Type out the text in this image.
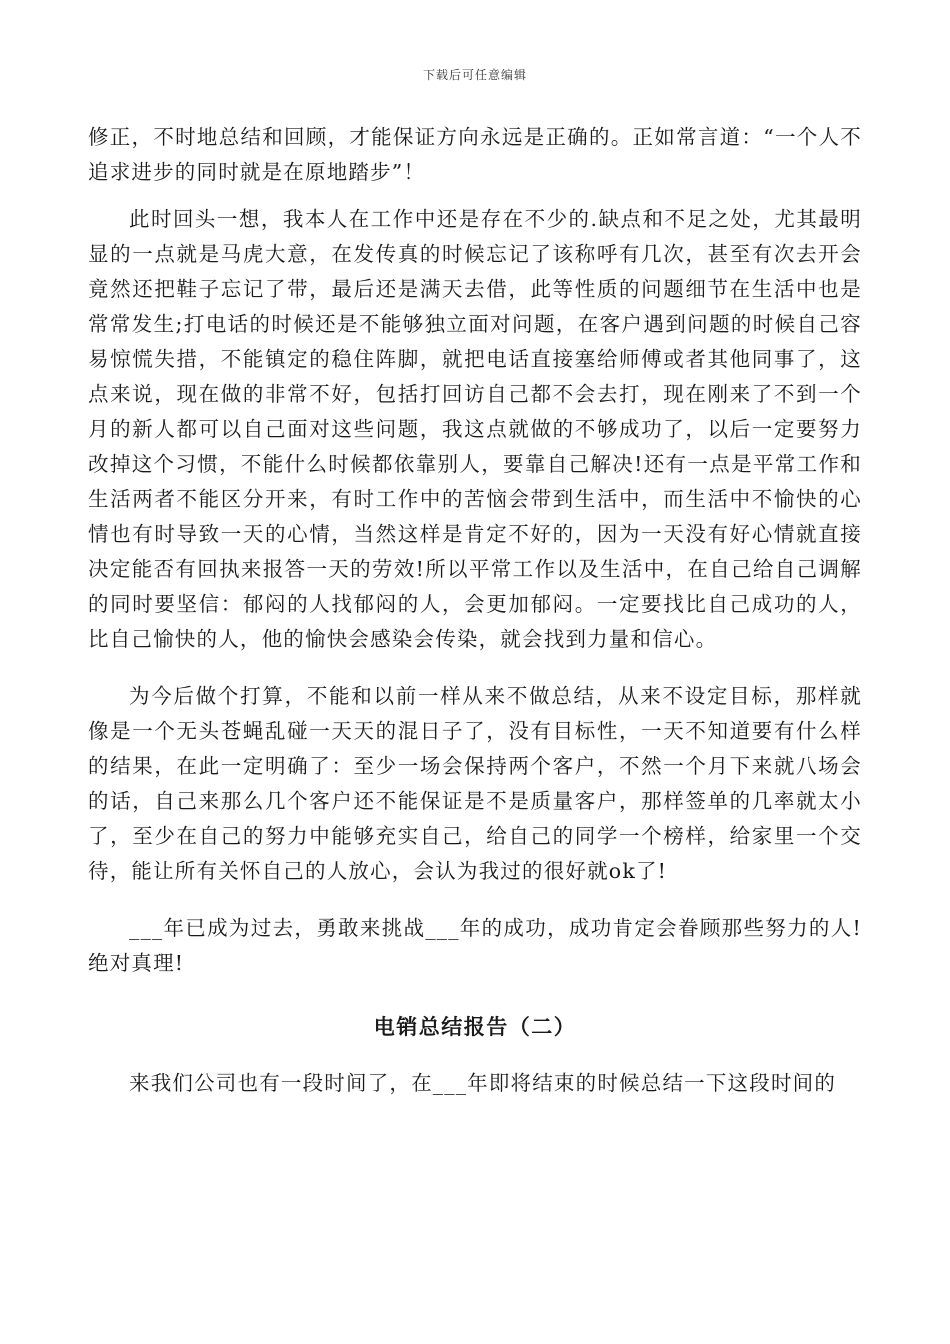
下载后可任意编辑

修正，不时地总结和回顾，才能保证方向永远是正确的。正如常言道：“一个人不追求进步的同时就是在原地踏步”！

此时回头一想，我本人在工作中还是存在不少的.缺点和不足之处，尤其最明显的一点就是马虎大意，在发传真的时候忘记了该称呼有几次，甚至有次去开会竟然还把鞋子忘记了带，最后还是满天去借，此等性质的问题细节在生活中也是常常发生;打电话的时候还是不能够独立面对问题，在客户遇到问题的时候自己容易惊慌失措，不能镇定的稳住阵脚，就把电话直接塞给师傅或者其他同事了，这点来说，现在做的非常不好，包括打回访自己都不会去打，现在刚来了不到一个月的新人都可以自己面对这些问题，我这点就做的不够成功了，以后一定要努力改掉这个习惯，不能什么时候都依靠别人，要靠自己解决!还有一点是平常工作和生活两者不能区分开来，有时工作中的苦恼会带到生活中，而生活中不愉快的心情也有时导致一天的心情，当然这样是肯定不好的，因为一天没有好心情就直接决定能否有回执来报答一天的劳效!所以平常工作以及生活中，在自己给自己调解的同时要坚信：郁闷的人找郁闷的人，会更加郁闷。一定要找比自己成功的人，比自己愉快的人，他的愉快会感染会传染，就会找到力量和信心。

为今后做个打算，不能和以前一样从来不做总结，从来不设定目标，那样就像是一个无头苍蝇乱碰一天天的混日子了，没有目标性，一天不知道要有什么样的结果，在此一定明确了：至少一场会保持两个客户，不然一个月下来就八场会的话，自己来那么几个客户还不能保证是不是质量客户，那样签单的几率就太小了，至少在自己的努力中能够充实自己，给自己的同学一个榜样，给家里一个交待，能让所有关怀自己的人放心，会认为我过的很好就ok了!

___年已成为过去，勇敢来挑战___年的成功，成功肯定会眷顾那些努力的人!绝对真理!

电销总结报告（二）

来我们公司也有一段时间了，在___年即将结束的时候总结一下这段时间的
